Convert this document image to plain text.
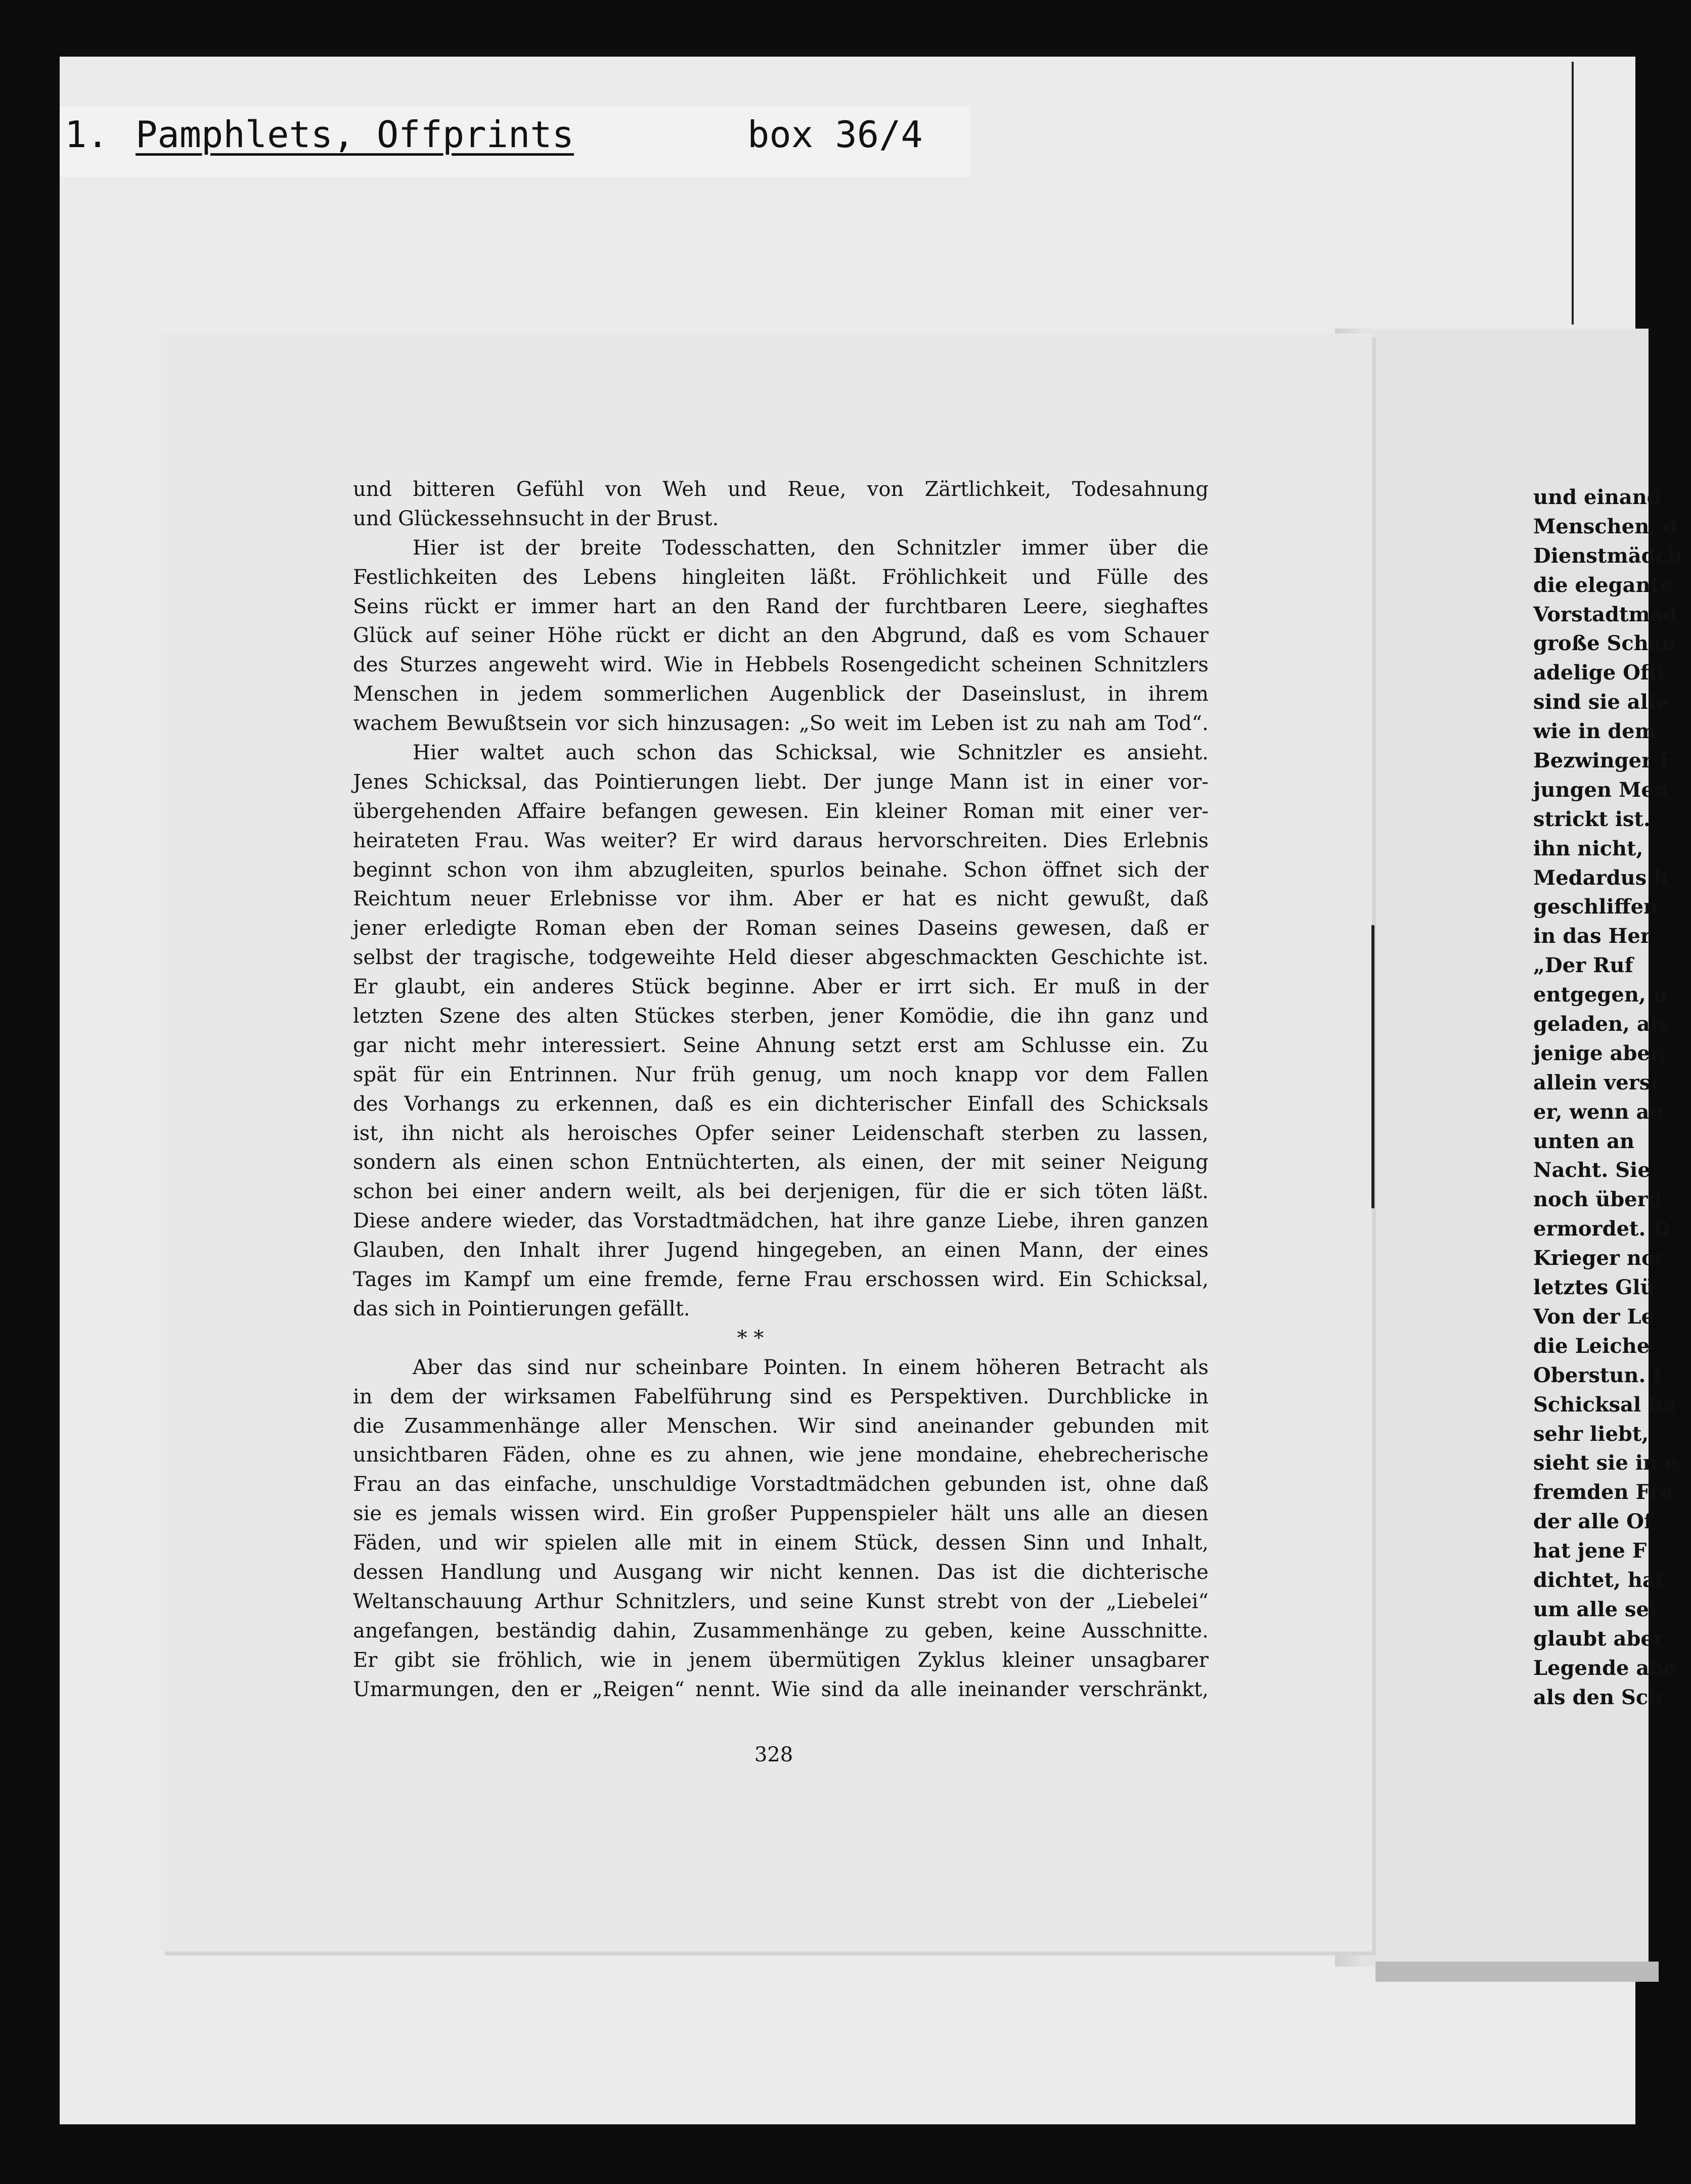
1. Pamphlets, Offprints	box 36/4
und einand
Menschen, d
Dienstmädch
die elegante
Vorstadtmäd
große Schau
adelige Offi
sind sie alle
wie in dem
Bezwinger E
jungen Men
strickt ist.
ihn nicht,
Medardus h
geschliffen.
in das Her
„Der Ruf
entgegen, u
geladen, als
jenige aber,
allein versc
er, wenn au
unten an
Nacht. Sie
noch überd
ermordet. D
Krieger noc
letztes Glü
Von der Le
die Leiche
Oberstun. I
Schicksal ha
sehr liebt,
sieht sie in e
fremden Fra
der alle Of
hat jene F
dichtet, hat
um alle sei
glaubt aber
Legende abe
als den Sch
und bitteren Gefühl von Weh und Reue, von Zärtlichkeit, Todesahnung
und Glückessehnsucht in der Brust.
Hier ist der breite Todesschatten, den Schnitzler immer über die
Festlichkeiten des Lebens hingleiten läßt. Fröhlichkeit und Fülle des
Seins rückt er immer hart an den Rand der furchtbaren Leere, sieghaftes
Glück auf seiner Höhe rückt er dicht an den Abgrund, daß es vom Schauer
des Sturzes angeweht wird. Wie in Hebbels Rosengedicht scheinen Schnitzlers
Menschen in jedem sommerlichen Augenblick der Daseinslust, in ihrem
wachem Bewußtsein vor sich hinzusagen: „So weit im Leben ist zu nah am Tod“.
Hier waltet auch schon das Schicksal, wie Schnitzler es ansieht.
Jenes Schicksal, das Pointierungen liebt. Der junge Mann ist in einer vor-
übergehenden Affaire befangen gewesen. Ein kleiner Roman mit einer ver-
heirateten Frau. Was weiter? Er wird daraus hervorschreiten. Dies Erlebnis
beginnt schon von ihm abzugleiten, spurlos beinahe. Schon öffnet sich der
Reichtum neuer Erlebnisse vor ihm. Aber er hat es nicht gewußt, daß
jener erledigte Roman eben der Roman seines Daseins gewesen, daß er
selbst der tragische, todgeweihte Held dieser abgeschmackten Geschichte ist.
Er glaubt, ein anderes Stück beginne. Aber er irrt sich. Er muß in der
letzten Szene des alten Stückes sterben, jener Komödie, die ihn ganz und
gar nicht mehr interessiert. Seine Ahnung setzt erst am Schlusse ein. Zu
spät für ein Entrinnen. Nur früh genug, um noch knapp vor dem Fallen
des Vorhangs zu erkennen, daß es ein dichterischer Einfall des Schicksals
ist, ihn nicht als heroisches Opfer seiner Leidenschaft sterben zu lassen,
sondern als einen schon Entnüchterten, als einen, der mit seiner Neigung
schon bei einer andern weilt, als bei derjenigen, für die er sich töten läßt.
Diese andere wieder, das Vorstadtmädchen, hat ihre ganze Liebe, ihren ganzen
Glauben, den Inhalt ihrer Jugend hingegeben, an einen Mann, der eines
Tages im Kampf um eine fremde, ferne Frau erschossen wird. Ein Schicksal,
das sich in Pointierungen gefällt.
* *
Aber das sind nur scheinbare Pointen. In einem höheren Betracht als
in dem der wirksamen Fabelführung sind es Perspektiven. Durchblicke in
die Zusammenhänge aller Menschen. Wir sind aneinander gebunden mit
unsichtbaren Fäden, ohne es zu ahnen, wie jene mondaine, ehebrecherische
Frau an das einfache, unschuldige Vorstadtmädchen gebunden ist, ohne daß
sie es jemals wissen wird. Ein großer Puppenspieler hält uns alle an diesen
Fäden, und wir spielen alle mit in einem Stück, dessen Sinn und Inhalt,
dessen Handlung und Ausgang wir nicht kennen. Das ist die dichterische
Weltanschauung Arthur Schnitzlers, und seine Kunst strebt von der „Liebelei“
angefangen, beständig dahin, Zusammenhänge zu geben, keine Ausschnitte.
Er gibt sie fröhlich, wie in jenem übermütigen Zyklus kleiner unsagbarer
Umarmungen, den er „Reigen“ nennt. Wie sind da alle ineinander verschränkt,
328
